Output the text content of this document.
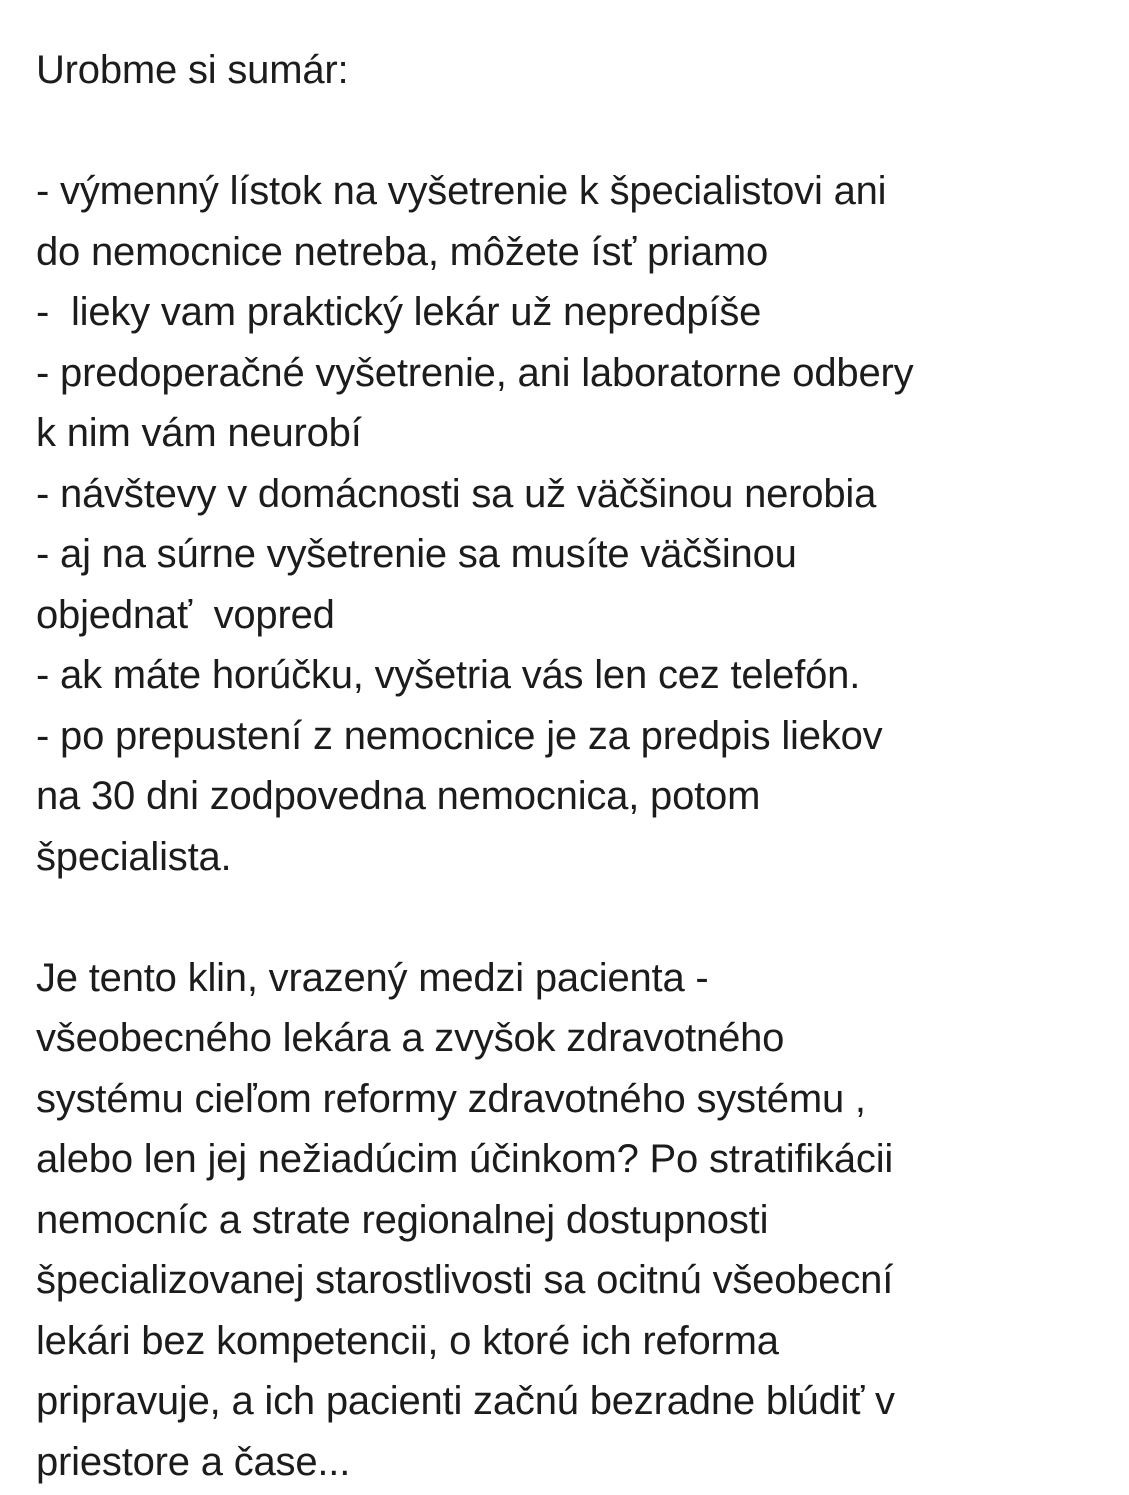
Urobme si sumár:
- výmenný lístok na vyšetrenie k špecialistovi ani
do nemocnice netreba, môžete ísť priamo
-  lieky vam praktický lekár už nepredpíše
- predoperačné vyšetrenie, ani laboratorne odbery
k nim vám neurobí
- návštevy v domácnosti sa už väčšinou nerobia
- aj na súrne vyšetrenie sa musíte väčšinou
objednať  vopred
- ak máte horúčku, vyšetria vás len cez telefón.
- po prepustení z nemocnice je za predpis liekov
na 30 dni zodpovedna nemocnica, potom
špecialista.
Je tento klin, vrazený medzi pacienta -
všeobecného lekára a zvyšok zdravotného
systému cieľom reformy zdravotného systému ,
alebo len jej nežiadúcim účinkom? Po stratifikácii
nemocníc a strate regionalnej dostupnosti
špecializovanej starostlivosti sa ocitnú všeobecní
lekári bez kompetencii, o ktoré ich reforma
pripravuje, a ich pacienti začnú bezradne blúdiť v
priestore a čase...
